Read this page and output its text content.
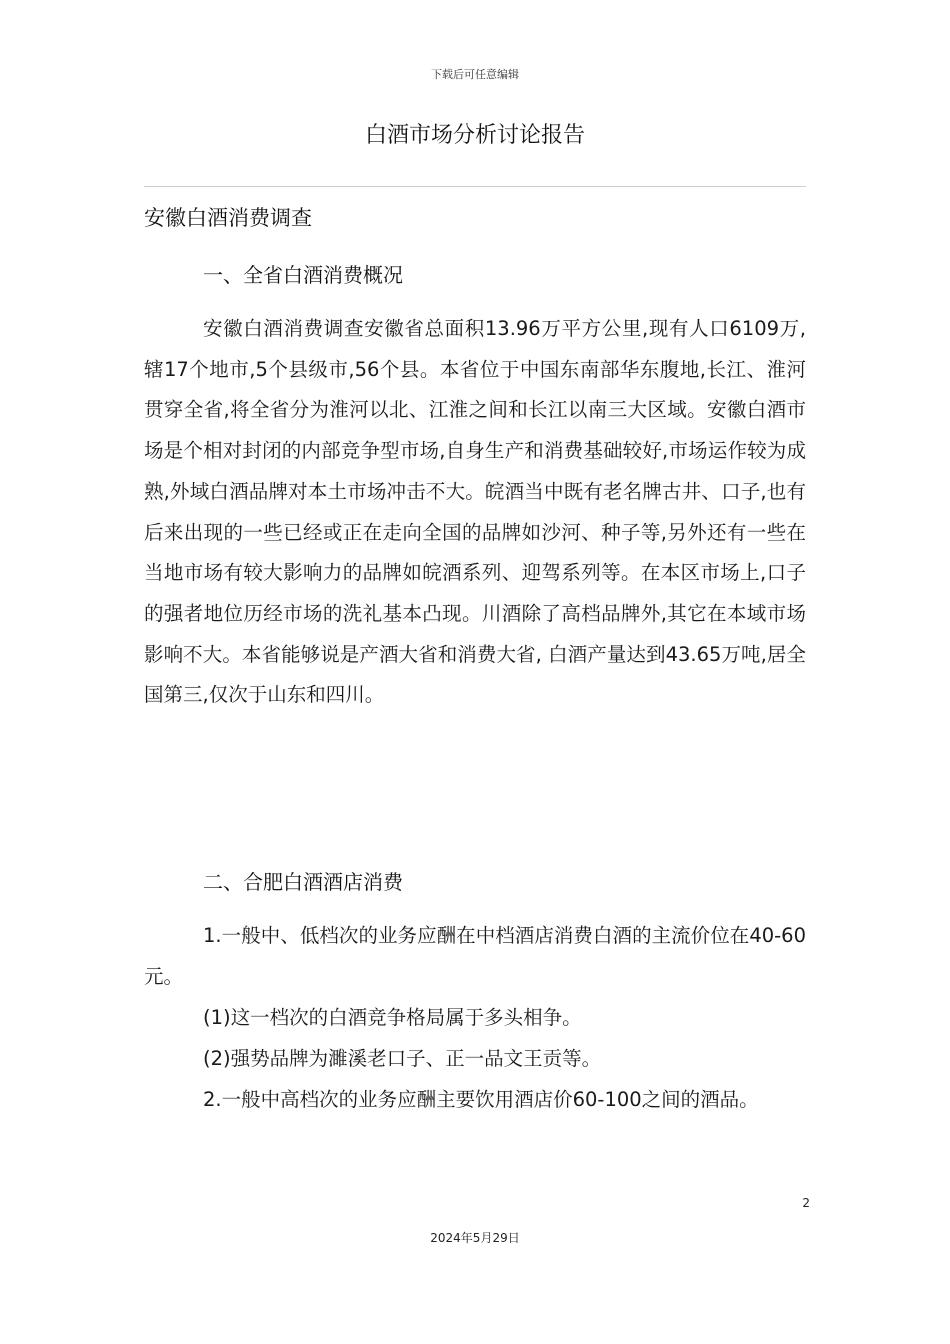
下载后可任意编辑
白酒市场分析讨论报告
安徽白酒消费调查
一、全省白酒消费概况

安徽白酒消费调查安徽省总面积13.96万平方公里,现有人口6109万,辖17个地市,5个县级市,56个县。本省位于中国东南部华东腹地,长江、淮河贯穿全省,将全省分为淮河以北、江淮之间和长江以南三大区域。安徽白酒市场是个相对封闭的内部竞争型市场,自身生产和消费基础较好,市场运作较为成熟,外域白酒品牌对本土市场冲击不大。皖酒当中既有老名牌古井、口子,也有后来出现的一些已经或正在走向全国的品牌如沙河、种子等,另外还有一些在当地市场有较大影响力的品牌如皖酒系列、迎驾系列等。在本区市场上,口子的强者地位历经市场的洗礼基本凸现。川酒除了高档品牌外,其它在本域市场影响不大。本省能够说是产酒大省和消费大省, 白酒产量达到43.65万吨,居全国第三,仅次于山东和四川。

二、合肥白酒酒店消费

1.一般中、低档次的业务应酬在中档酒店消费白酒的主流价位在40-60元。

(1)这一档次的白酒竞争格局属于多头相争。

(2)强势品牌为濉溪老口子、正一品文王贡等。

2.一般中高档次的业务应酬主要饮用酒店价60-100之间的酒品。

2
2024年5月29日
